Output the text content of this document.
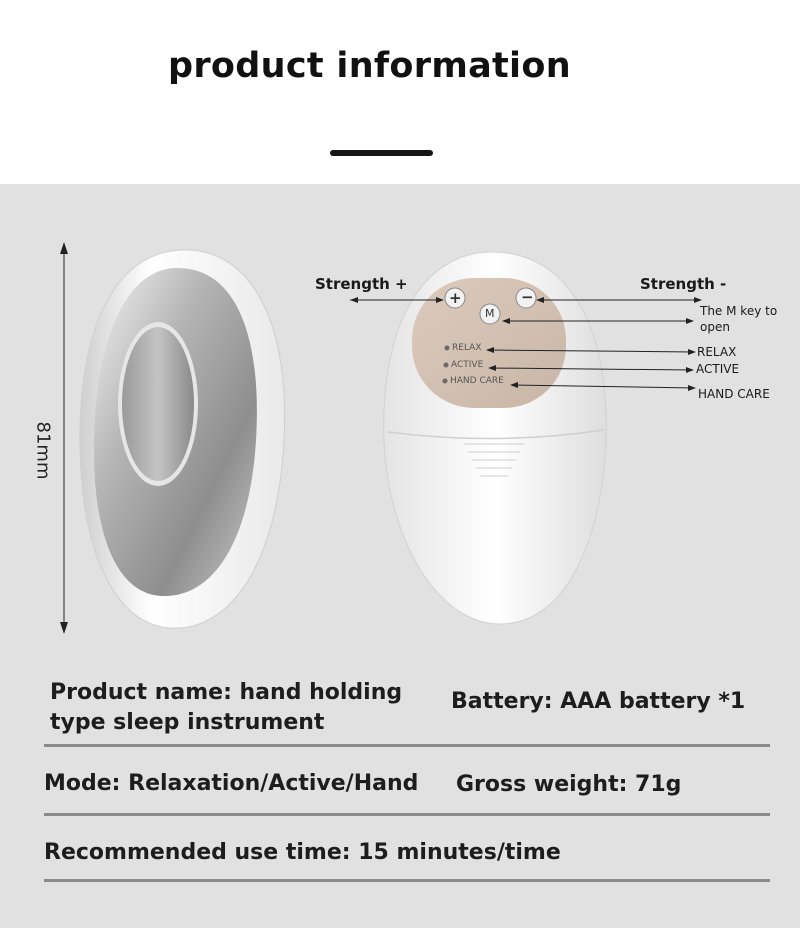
product information
+	−
M
RELAX
ACTIVE
HAND CARE
81mm
Strength +	Strength -
The M key to
open
RELAX
ACTIVE
HAND CARE
Product name: hand holding
type sleep instrument
Battery: AAA battery *1
Mode: Relaxation/Active/Hand Gross weight: 71g
Recommended use time: 15 minutes/time
